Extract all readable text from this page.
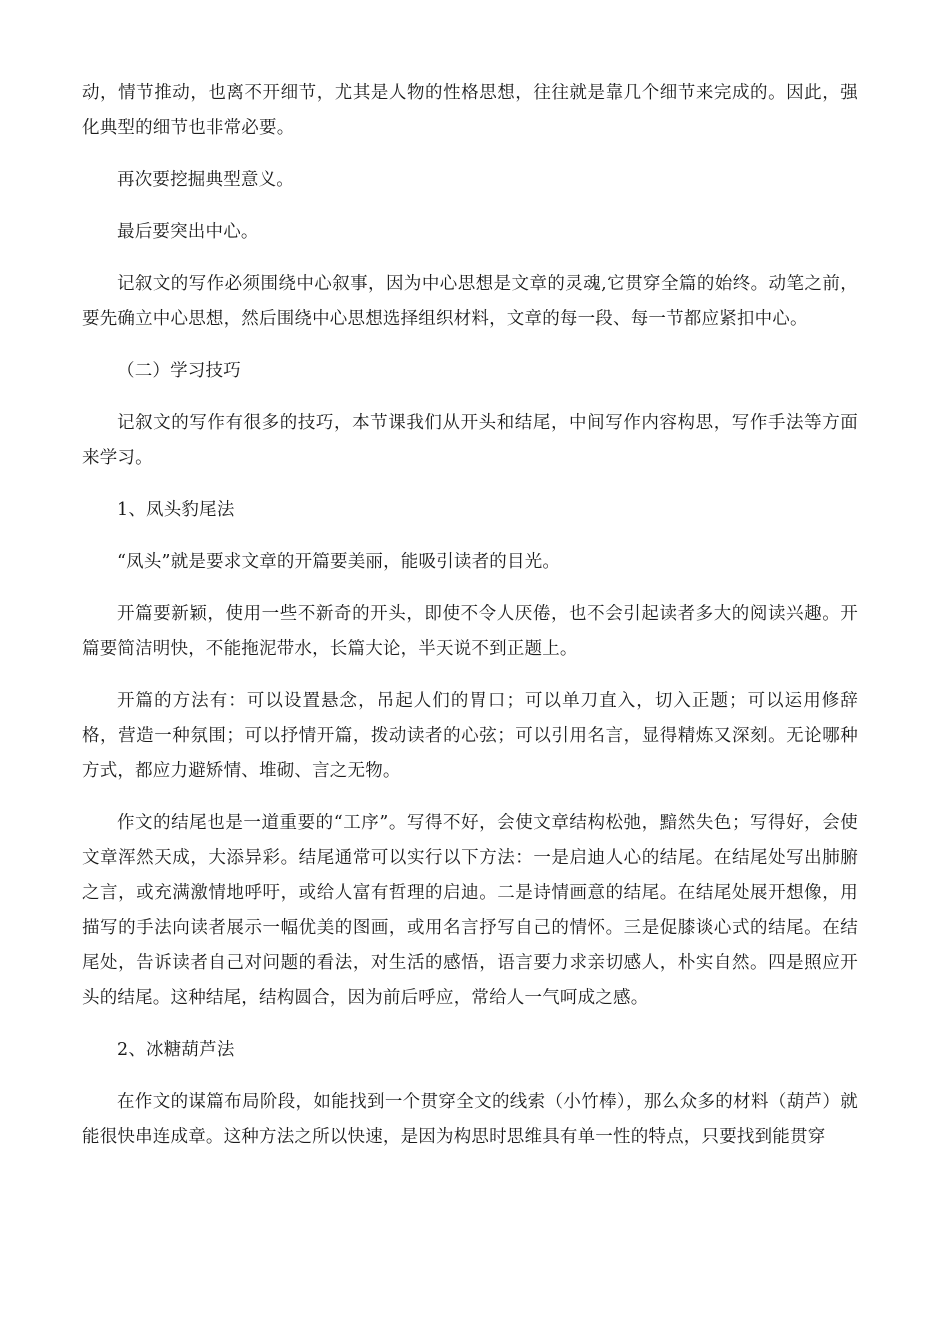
动，情节推动，也离不开细节，尤其是人物的性格思想，往往就是靠几个细节来完成的。因此，强化典型的细节也非常必要。

再次要挖掘典型意义。

最后要突出中心。

记叙文的写作必须围绕中心叙事，因为中心思想是文章的灵魂,它贯穿全篇的始终。动笔之前，要先确立中心思想，然后围绕中心思想选择组织材料，文章的每一段、每一节都应紧扣中心。

（二）学习技巧

记叙文的写作有很多的技巧，本节课我们从开头和结尾，中间写作内容构思，写作手法等方面来学习。

1、凤头豹尾法

“凤头”就是要求文章的开篇要美丽，能吸引读者的目光。

开篇要新颖，使用一些不新奇的开头，即使不令人厌倦，也不会引起读者多大的阅读兴趣。开篇要简洁明快，不能拖泥带水，长篇大论，半天说不到正题上。

开篇的方法有：可以设置悬念，吊起人们的胃口；可以单刀直入，切入正题；可以运用修辞格，营造一种氛围；可以抒情开篇，拨动读者的心弦；可以引用名言，显得精炼又深刻。无论哪种方式，都应力避矫情、堆砌、言之无物。

作文的结尾也是一道重要的“工序”。写得不好，会使文章结构松弛，黯然失色；写得好，会使文章浑然天成，大添异彩。结尾通常可以实行以下方法：一是启迪人心的结尾。在结尾处写出肺腑之言，或充满激情地呼吁，或给人富有哲理的启迪。二是诗情画意的结尾。在结尾处展开想像，用描写的手法向读者展示一幅优美的图画，或用名言抒写自己的情怀。三是促膝谈心式的结尾。在结尾处，告诉读者自己对问题的看法，对生活的感悟，语言要力求亲切感人，朴实自然。四是照应开头的结尾。这种结尾，结构圆合，因为前后呼应，常给人一气呵成之感。

2、冰糖葫芦法

在作文的谋篇布局阶段，如能找到一个贯穿全文的线索（小竹棒），那么众多的材料（葫芦）就能很快串连成章。这种方法之所以快速，是因为构思时思维具有单一性的特点，只要找到能贯穿
